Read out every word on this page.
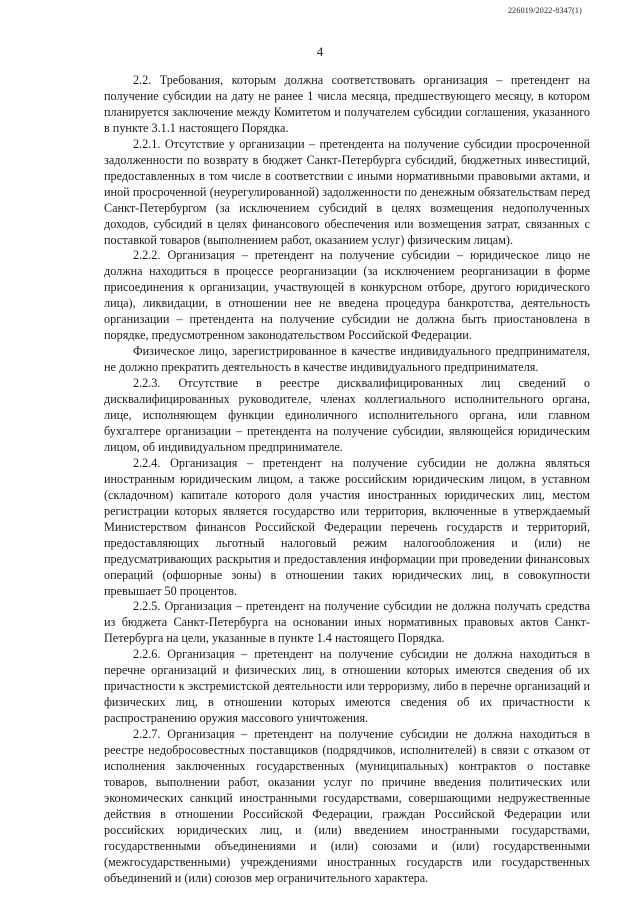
226019/2022-8347(1)
4

2.2. Требования, которым должна соответствовать организация – претендент на получение субсидии на дату не ранее 1 числа месяца, предшествующего месяцу, в котором планируется заключение между Комитетом и получателем субсидии соглашения, указанного в пункте 3.1.1 настоящего Порядка.

2.2.1. Отсутствие у организации – претендента на получение субсидии просроченной задолженности по возврату в бюджет Санкт-Петербурга субсидий, бюджетных инвестиций, предоставленных в том числе в соответствии с иными нормативными правовыми актами, и иной просроченной (неурегулированной) задолженности по денежным обязательствам перед Санкт-Петербургом (за исключением субсидий в целях возмещения недополученных доходов, субсидий в целях финансового обеспечения или возмещения затрат, связанных с поставкой товаров (выполнением работ, оказанием услуг) физическим лицам).

2.2.2. Организация – претендент на получение субсидии – юридическое лицо не должна находиться в процессе реорганизации (за исключением реорганизации в форме присоединения к организации, участвующей в конкурсном отборе, другого юридического лица), ликвидации, в отношении нее не введена процедура банкротства, деятельность организации – претендента на получение субсидии не должна быть приостановлена в порядке, предусмотренном законодательством Российской Федерации.

Физическое лицо, зарегистрированное в качестве индивидуального предпринимателя, не должно прекратить деятельность в качестве индивидуального предпринимателя.

2.2.3. Отсутствие в реестре дисквалифицированных лиц сведений о дисквалифицированных руководителе, членах коллегиального исполнительного органа, лице, исполняющем функции единоличного исполнительного органа, или главном бухгалтере организации – претендента на получение субсидии, являющейся юридическим лицом, об индивидуальном предпринимателе.

2.2.4. Организация – претендент на получение субсидии не должна являться иностранным юридическим лицом, а также российским юридическим лицом, в уставном (складочном) капитале которого доля участия иностранных юридических лиц, местом регистрации которых является государство или территория, включенные в утверждаемый Министерством финансов Российской Федерации перечень государств и территорий, предоставляющих льготный налоговый режим налогообложения и (или) не предусматривающих раскрытия и предоставления информации при проведении финансовых операций (офшорные зоны) в отношении таких юридических лиц, в совокупности превышает 50 процентов.

2.2.5. Организация – претендент на получение субсидии не должна получать средства из бюджета Санкт-Петербурга на основании иных нормативных правовых актов Санкт-Петербурга на цели, указанные в пункте 1.4 настоящего Порядка.

2.2.6. Организация – претендент на получение субсидии не должна находиться в перечне организаций и физических лиц, в отношении которых имеются сведения об их причастности к экстремистской деятельности или терроризму, либо в перечне организаций и физических лиц, в отношении которых имеются сведения об их причастности к распространению оружия массового уничтожения.

2.2.7. Организация – претендент на получение субсидии не должна находиться в реестре недобросовестных поставщиков (подрядчиков, исполнителей) в связи с отказом от исполнения заключенных государственных (муниципальных) контрактов о поставке товаров, выполнении работ, оказании услуг по причине введения политических или экономических санкций иностранными государствами, совершающими недружественные действия в отношении Российской Федерации, граждан Российской Федерации или российских юридических лиц, и (или) введением иностранными государствами, государственными объединениями и (или) союзами и (или) государственными (межгосударственными) учреждениями иностранных государств или государственных объединений и (или) союзов мер ограничительного характера.
